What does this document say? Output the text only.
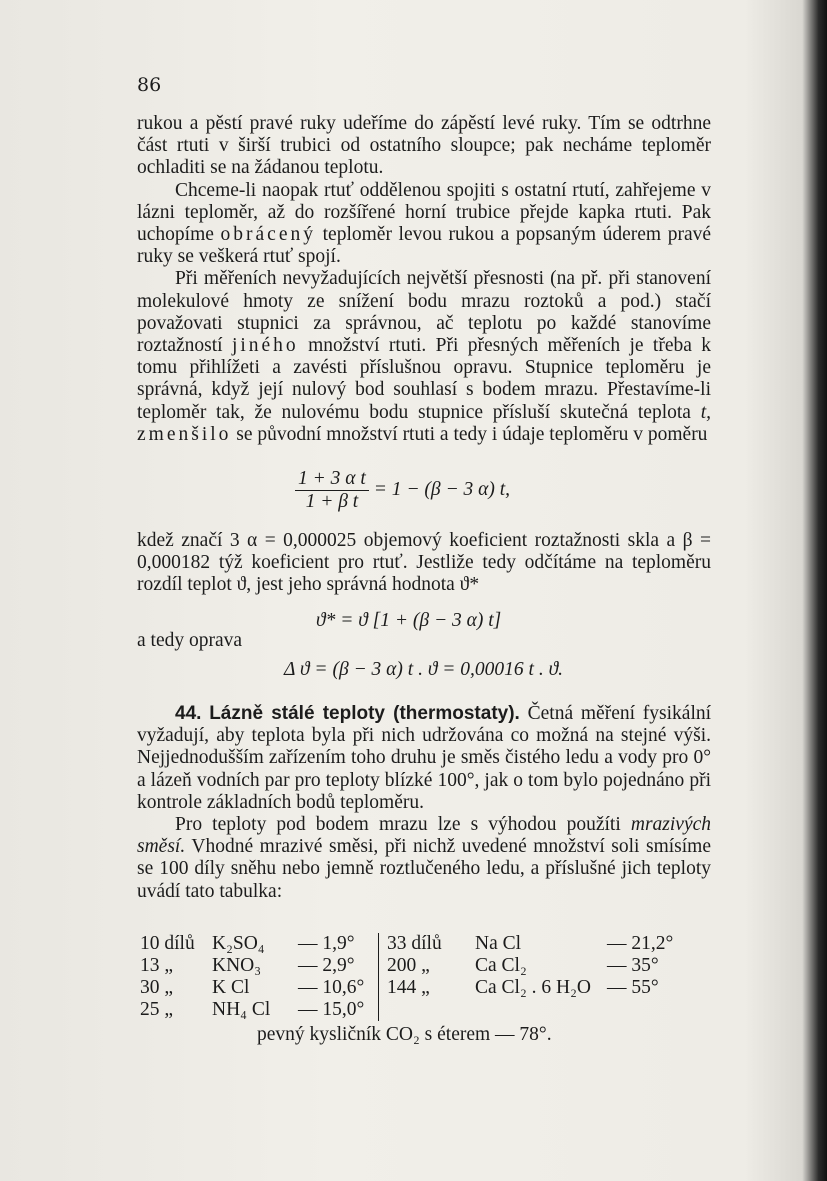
86

rukou a pěstí pravé ruky udeříme do zápěstí levé ruky. Tím se odtrhne část rtuti v širší trubici od ostatního sloupce; pak necháme teploměr ochladiti se na žádanou teplotu.

Chceme-li naopak rtuť oddělenou spojiti s ostatní rtutí, zahřejeme v lázni teploměr, až do rozšířené horní trubice přejde kapka rtuti. Pak uchopíme obrácený teploměr levou rukou a popsaným úderem pravé ruky se veškerá rtuť spojí.

Při měřeních nevyžadujících největší přesnosti (na př. při stanovení molekulové hmoty ze snížení bodu mrazu roztoků a pod.) stačí považovati stupnici za správnou, ač teplotu po každé stanovíme roztažností jiného množství rtuti. Při přesných měřeních je třeba k tomu přihlížeti a zavésti příslušnou opravu. Stupnice teploměru je správná, když její nulový bod souhlasí s bodem mrazu. Přestavíme-li teploměr tak, že nulovému bodu stupnice přísluší skutečná teplota t, zmenšilo se původní množství rtuti a tedy i údaje teploměru v poměru

$\frac{\text{1 + 3 α t}}{\text{1 + β t}} = 1 - (\beta - 3$ α) t,

kdež značí 3 α = 0,000025 objemový koeficient roztažnosti skla a β = 0,000182 týž koeficient pro rtuť. Jestliže tedy odčítáme na teploměru rozdíl teplot ϑ, jest jeho správná hodnota ϑ*

ϑ* = ϑ [1 + (β − 3 α) t]
a tedy oprava
Δ ϑ = (β − 3 α) t . ϑ = 0,00016 t . ϑ.

44. Lázně stálé teploty (thermostaty). Četná měření fysikální vyžadují, aby teplota byla při nich udržována co možná na stejné výši. Nejjednodušším zařízením toho druhu je směs čistého ledu a vody pro 0° a lázeň vodních par pro teploty blízké 100°, jak o tom bylo pojednáno při kontrole základních bodů teploměru.

Pro teploty pod bodem mrazu lze s výhodou použíti mrazivých směsí. Vhodné mrazivé směsi, při nichž uvedené množství soli smísíme se 100 díly sněhu nebo jemně roztlučeného ledu, a příslušné jich teploty uvádí tato tabulka:

10 dílů	K₂SO₄	— 1,9°	33 dílů	Na Cl	— 21,2°
13 „	KNO₃	— 2,9°	200 „	Ca Cl₂	— 35°
30 „	K Cl	— 10,6°	144 „	Ca Cl₂ . 6 H₂O	— 55°
25 „	NH₄ Cl	— 15,0°			
pevný kysličník CO₂ s éterem — 78°.
